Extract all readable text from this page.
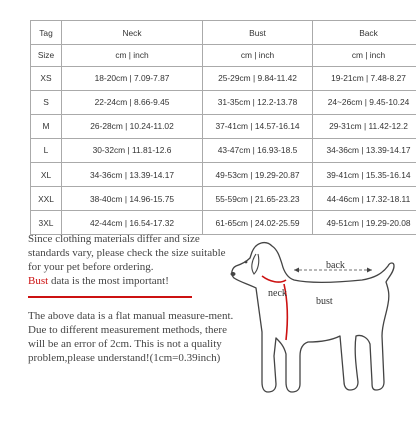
Tag	Neck	Bust	Back
Size	cm | inch	cm | inch	cm | inch
XS	18-20cm | 7.09-7.87	25-29cm | 9.84-11.42	19-21cm | 7.48-8.27
S	22-24cm | 8.66-9.45	31-35cm | 12.2-13.78	24~26cm | 9.45-10.24
M	26-28cm | 10.24-11.02	37-41cm | 14.57-16.14	29-31cm | 11.42-12.2
L	30-32cm | 11.81-12.6	43-47cm | 16.93-18.5	34-36cm | 13.39-14.17
XL	34-36cm | 13.39-14.17	49-53cm | 19.29-20.87	39-41cm | 15.35-16.14
XXL	38-40cm | 14.96-15.75	55-59cm | 21.65-23.23	44-46cm | 17.32-18.11
3XL	42-44cm | 16.54-17.32	61-65cm | 24.02-25.59	49-51cm | 19.29-20.08

Since clothing materials differ and size standards vary, please check the size suitable for your pet before ordering.
Bust data is the most important!

The above data is a flat manual measure-ment. Due to different measurement methods, there will be an error of 2cm. This is not a quality problem,please understand!(1cm=0.39inch)

back
neck
bust
